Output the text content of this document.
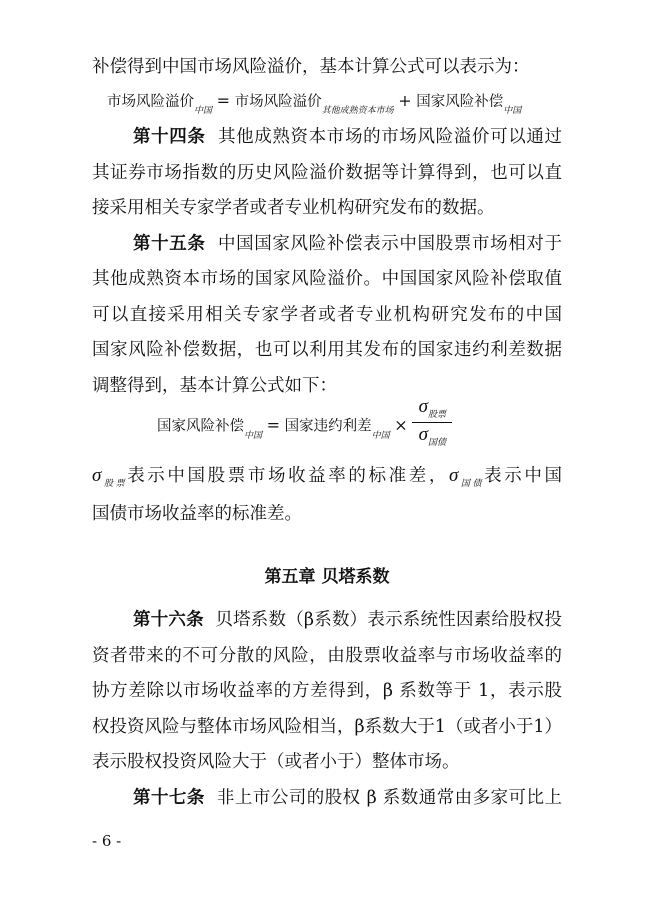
补偿得到中国市场风险溢价，基本计算公式可以表示为：
市场风险溢价$_{中国}$ = 市场风险溢价$_{其他成熟资本市场}$ + 国家风险补偿$_{中国}$
第十四条 其他成熟资本市场的市场风险溢价可以通过
其证券市场指数的历史风险溢价数据等计算得到，也可以直
接采用相关专家学者或者专业机构研究发布的数据。
第十五条 中国国家风险补偿表示中国股票市场相对于
其他成熟资本市场的国家风险溢价。中国国家风险补偿取值
可以直接采用相关专家学者或者专业机构研究发布的中国
国家风险补偿数据，也可以利用其发布的国家违约利差数据
调整得到，基本计算公式如下：
国家风险补偿$_{中国}$ = 国家违约利差$_{中国} \times \frac{\sigma_{股票}}{\sigma_{国债}}$
$\sigma_{股票}$表示中国股票市场收益率的标准差，$\sigma_{国债}$表示中国
国债市场收益率的标准差。
第五章 贝塔系数
第十六条 贝塔系数（β系数）表示系统性因素给股权投
资者带来的不可分散的风险，由股票收益率与市场收益率的
协方差除以市场收益率的方差得到，β 系数等于 1，表示股
权投资风险与整体市场风险相当，β系数大于1（或者小于1）
表示股权投资风险大于（或者小于）整体市场。
第十七条 非上市公司的股权 β 系数通常由多家可比上
- 6 -
